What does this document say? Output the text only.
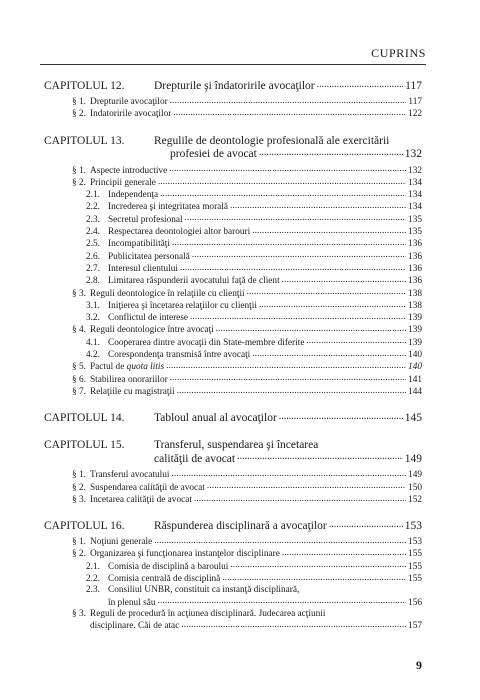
CUPRINS
CAPITOLUL 12.	Drepturile şi îndatoririle avocaţilor .....	117
§ 1. Drepturile avocaţilor .....	117
§ 2. Îndatoririle avocaţilor .....	122
CAPITOLUL 13.	Regulile de deontologie profesională ale exercitării
profesiei de avocat .....	132
§ 1. Aspecte introductive .....	132
§ 2. Principii generale .....	134
2.1. Independenţa .....	134
2.2. Încrederea şi integritatea morală .....	134
2.3. Secretul profesional .....	135
2.4. Respectarea deontologiei altor barouri .....	135
2.5. Incompatibilităţi .....	136
2.6. Publicitatea personală .....	136
2.7. Interesul clientului .....	136
2.8. Limitarea răspunderii avocatului faţă de client .....	136
§ 3. Reguli deontologice în relaţiile cu clienţii .....	138
3.1. Iniţierea şi încetarea relaţiilor cu clienţii .....	138
3.2. Conflictul de interese .....	139
§ 4. Reguli deontologice între avocaţi .....	139
4.1. Cooperarea dintre avocaţii din State-membre diferite .....	139
4.2. Corespondenţa transmisă între avocaţi .....	140
§ 5. Pactul de quota litis .....	140
§ 6. Stabilirea onorariilor .....	141
§ 7. Relaţiile cu magistraţii .....	144
CAPITOLUL 14.	Tabloul anual al avocaţilor .....	145
CAPITOLUL 15.	Transferul, suspendarea şi încetarea
calităţii de avocat .....	149
§ 1. Transferul avocatului .....	149
§ 2. Suspendarea calităţii de avocat .....	150
§ 3. Încetarea calităţii de avocat .....	152
CAPITOLUL 16.	Răspunderea disciplinară a avocaţilor .....	153
§ 1. Noţiuni generale .....	153
§ 2. Organizarea şi funcţionarea instanţelor disciplinare .....	155
2.1. Comisia de disciplină a baroului .....	155
2.2. Comisia centrală de disciplină .....	155
2.3. Consiliul UNBR, constituit ca instanţă disciplinară,
în plenul său .....	156
§ 3. Reguli de procedură în acţiunea disciplinară. Judecarea acţiunii
disciplinare. Căi de atac .....	157
9
